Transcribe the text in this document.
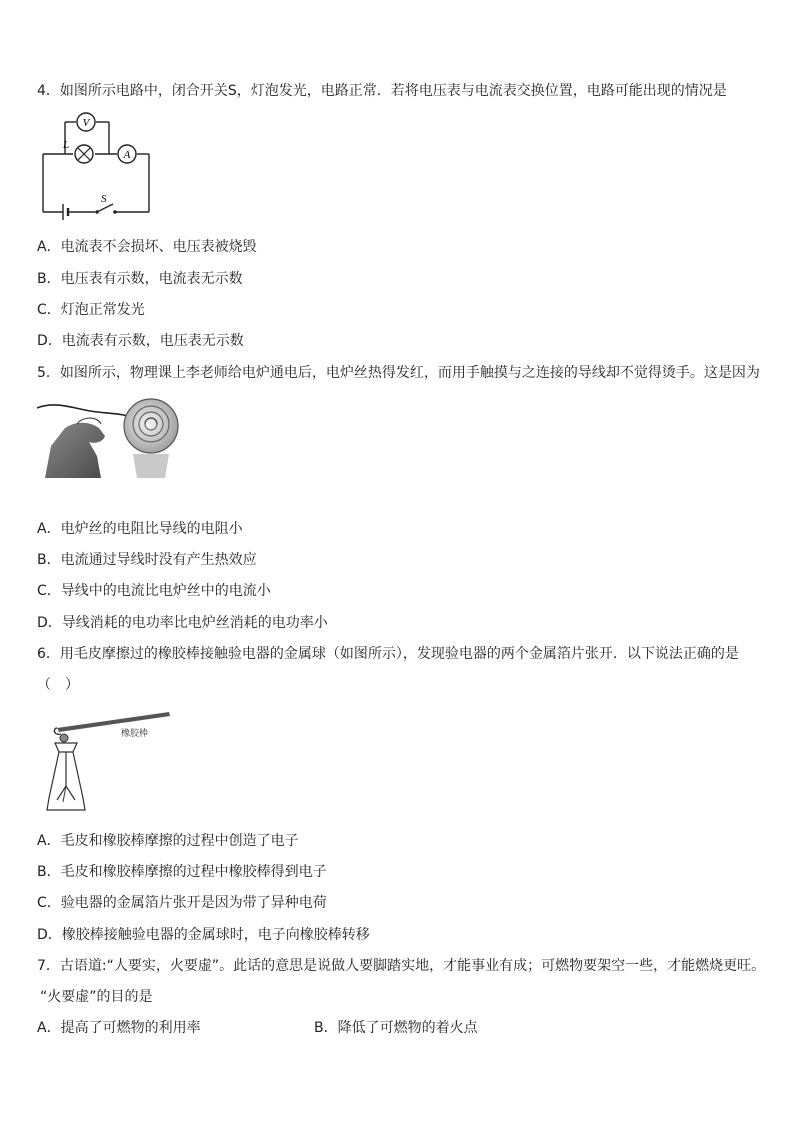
4．如图所示电路中，闭合开关S，灯泡发光，电路正常．若将电压表与电流表交换位置，电路可能出现的情况是
V
L
A
S
A．电流表不会损坏、电压表被烧毁
B．电压表有示数，电流表无示数
C．灯泡正常发光
D．电流表有示数，电压表无示数
5．如图所示，物理课上李老师给电炉通电后，电炉丝热得发红，而用手触摸与之连接的导线却不觉得烫手。这是因为
A．电炉丝的电阻比导线的电阻小
B．电流通过导线时没有产生热效应
C．导线中的电流比电炉丝中的电流小
D．导线消耗的电功率比电炉丝消耗的电功率小
6．用毛皮摩擦过的橡胶棒接触验电器的金属球（如图所示），发现验电器的两个金属箔片张开．以下说法正确的是
（　）
橡胶棒
A．毛皮和橡胶棒摩擦的过程中创造了电子
B．毛皮和橡胶棒摩擦的过程中橡胶棒得到电子
C．验电器的金属箔片张开是因为带了异种电荷
D．橡胶棒接触验电器的金属球时，电子向橡胶棒转移
7．古语道:“人要实，火要虚”。此话的意思是说做人要脚踏实地，才能事业有成；可燃物要架空一些，才能燃烧更旺。
“火要虚”的目的是
A．提高了可燃物的利用率	B．降低了可燃物的着火点
